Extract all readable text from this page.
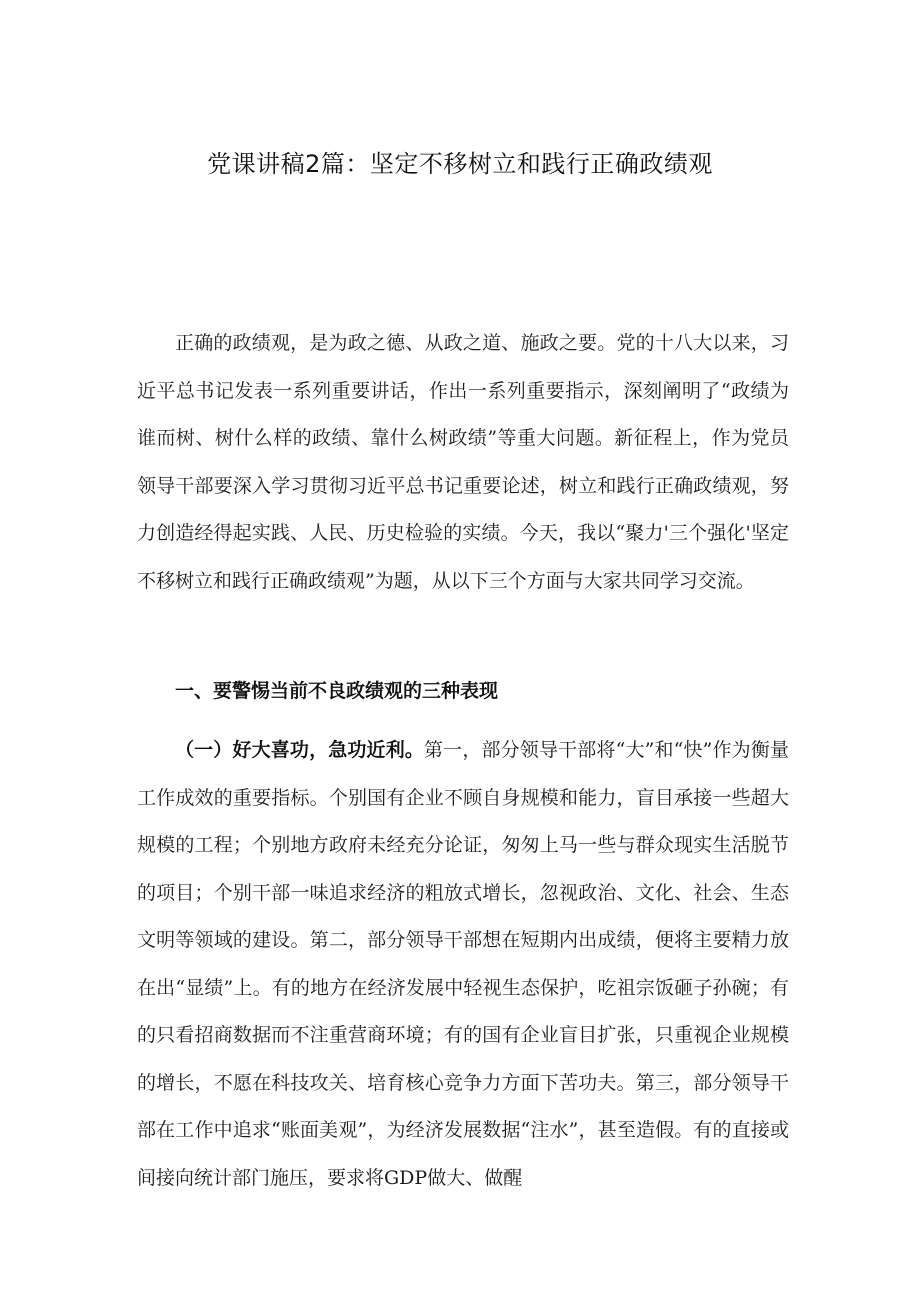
党课讲稿2篇：坚定不移树立和践行正确政绩观

正确的政绩观，是为政之德、从政之道、施政之要。党的十八大以来，习近平总书记发表一系列重要讲话，作出一系列重要指示，深刻阐明了“政绩为谁而树、树什么样的政绩、靠什么树政绩”等重大问题。新征程上，作为党员领导干部要深入学习贯彻习近平总书记重要论述，树立和践行正确政绩观，努力创造经得起实践、人民、历史检验的实绩。今天，我以“聚力'三个强化'坚定不移树立和践行正确政绩观”为题，从以下三个方面与大家共同学习交流。

一、要警惕当前不良政绩观的三种表现

（一）好大喜功，急功近利。第一，部分领导干部将“大”和“快”作为衡量工作成效的重要指标。个别国有企业不顾自身规模和能力，盲目承接一些超大规模的工程；个别地方政府未经充分论证，匆匆上马一些与群众现实生活脱节的项目；个别干部一味追求经济的粗放式增长，忽视政治、文化、社会、生态文明等领域的建设。第二，部分领导干部想在短期内出成绩，便将主要精力放在出“显绩”上。有的地方在经济发展中轻视生态保护，吃祖宗饭砸子孙碗；有的只看招商数据而不注重营商环境；有的国有企业盲目扩张，只重视企业规模的增长，不愿在科技攻关、培育核心竞争力方面下苦功夫。第三，部分领导干部在工作中追求“账面美观”，为经济发展数据“注水”，甚至造假。有的直接或间接向统计部门施压，要求将GDP做大、做醒
